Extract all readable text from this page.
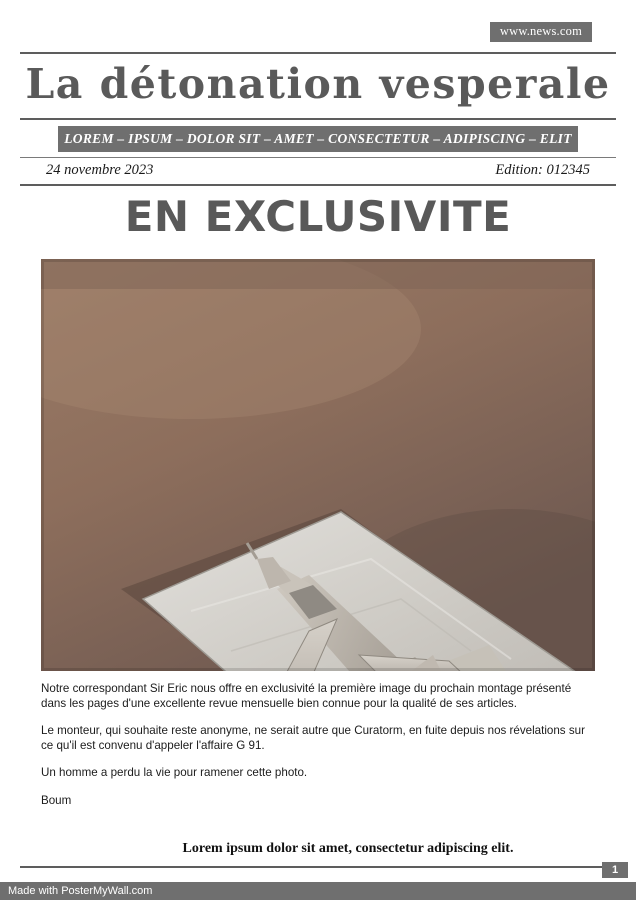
www.news.com
La détonation vesperale
LOREM – IPSUM – DOLOR SIT – AMET – CONSECTETUR – ADIPISCING – ELIT
24 novembre 2023	Edition: 012345
EN EXCLUSIVITE

Notre correspondant Sir Eric nous offre en exclusivité la première image du prochain montage présenté dans les pages d'une excellente revue mensuelle bien connue pour la qualité de ses articles.

Le monteur, qui souhaite reste anonyme, ne serait autre que Curatorm, en fuite depuis nos révelations sur ce qu'il est convenu d'appeler l'affaire G 91.

Un homme a perdu la vie pour ramener cette photo.

Boum

Lorem ipsum dolor sit amet, consectetur adipiscing elit.
1
Made with PosterMyWall.com
